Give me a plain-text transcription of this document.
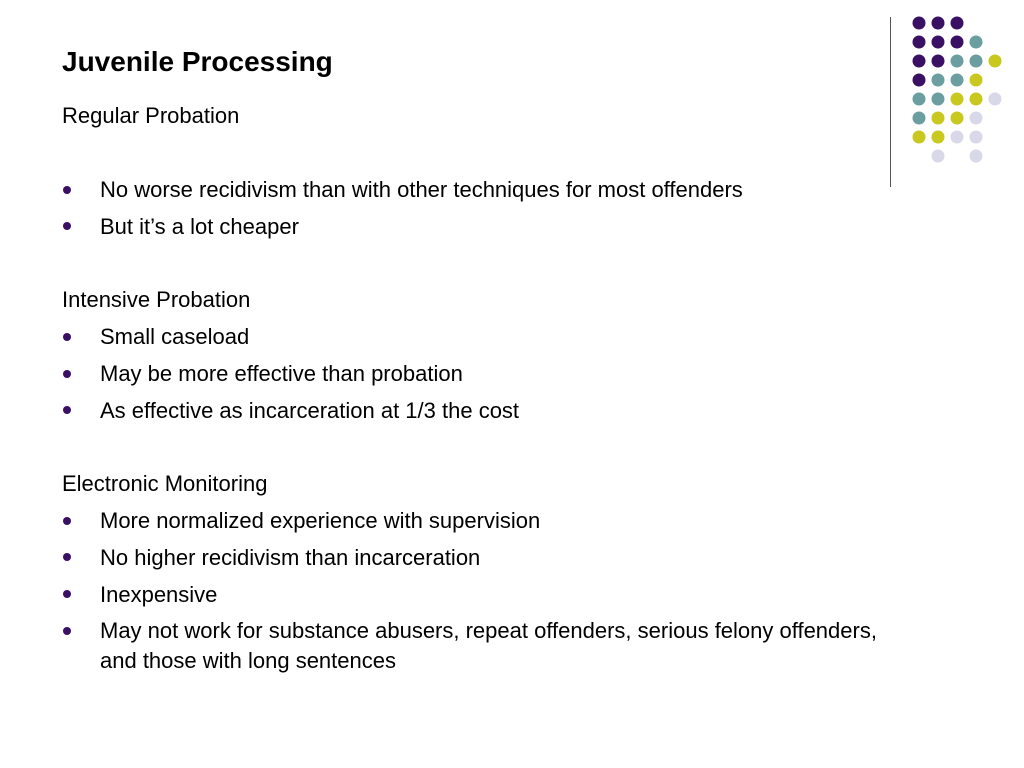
Juvenile Processing
Regular Probation
No worse recidivism than with other techniques for most offenders
But it’s a lot cheaper
Intensive Probation
Small caseload
May be more effective than probation
As effective as incarceration at 1/3 the cost
Electronic Monitoring
More normalized experience with supervision
No higher recidivism than incarceration
Inexpensive
May not work for substance abusers, repeat offenders, serious felony offenders, and those with long sentences
